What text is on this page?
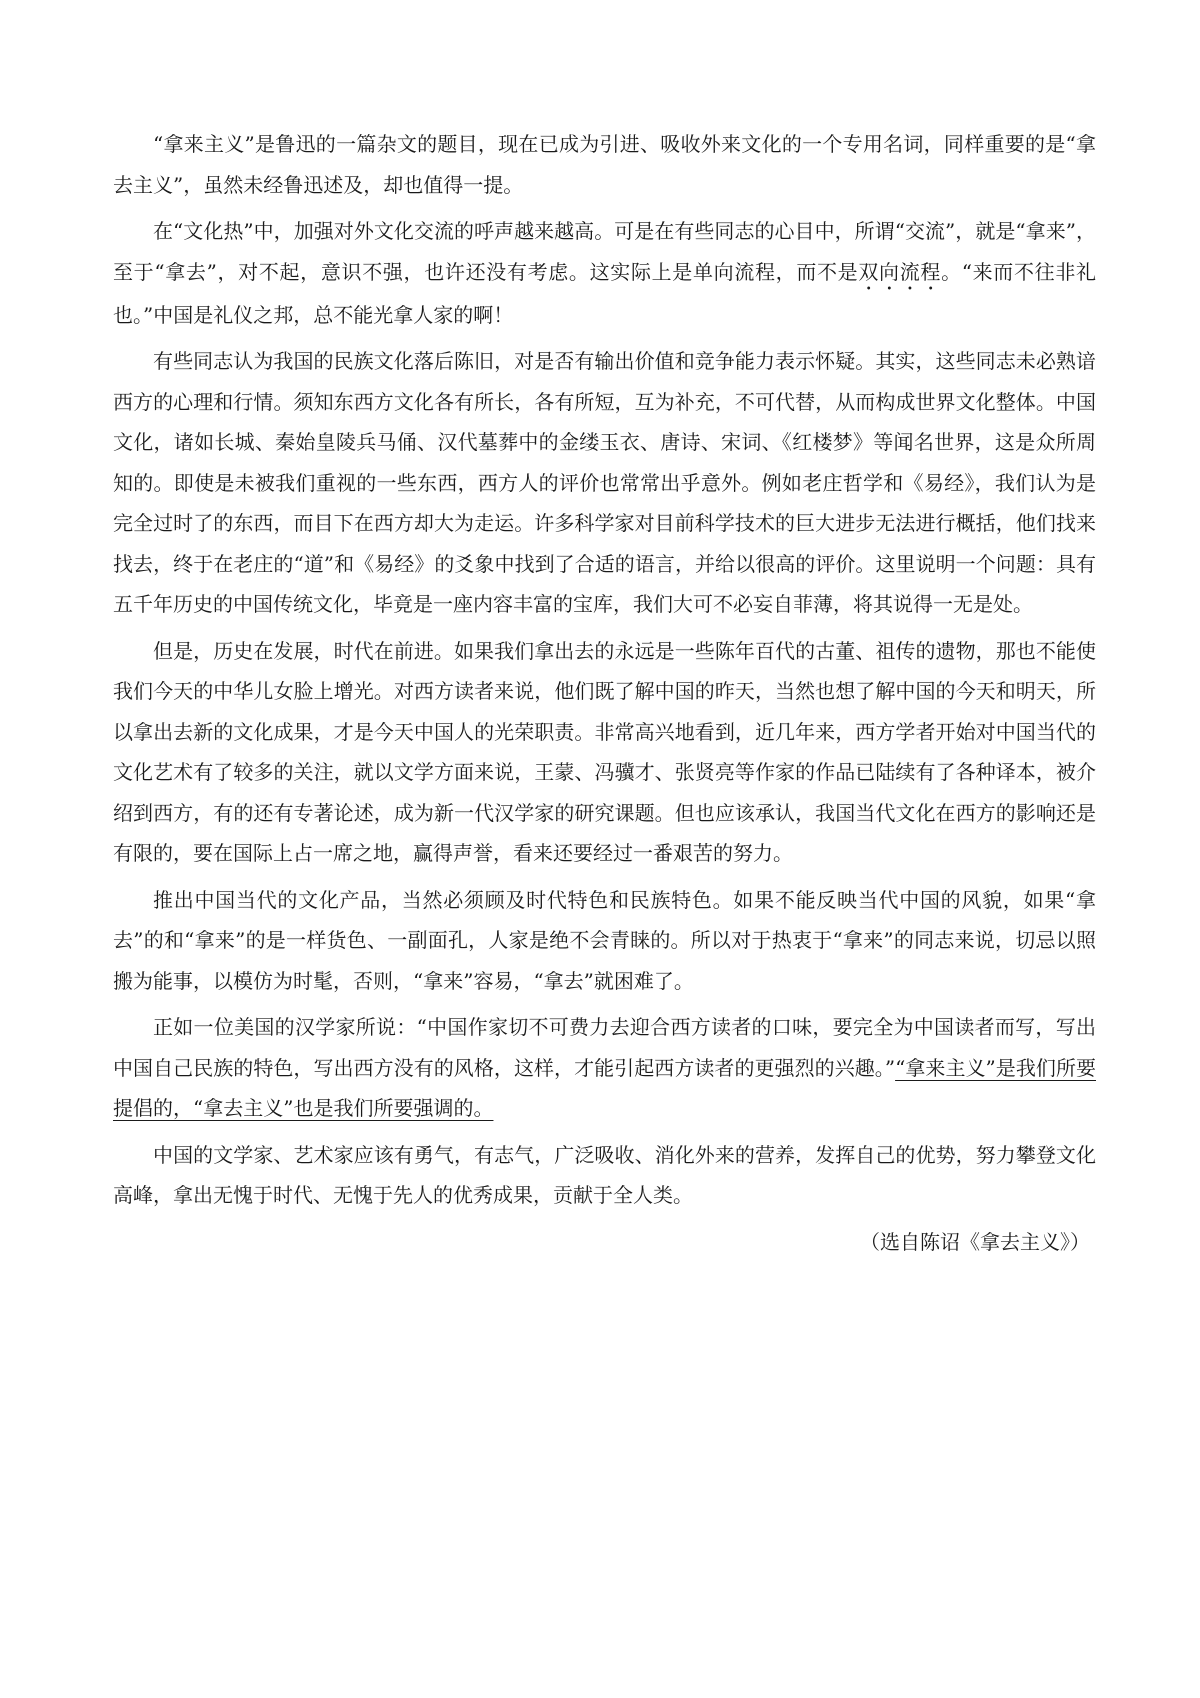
“拿来主义”是鲁迅的一篇杂文的题目，现在已成为引进、吸收外来文化的一个专用名词，同样重要的是“拿去主义”，虽然未经鲁迅述及，却也值得一提。

在“文化热”中，加强对外文化交流的呼声越来越高。可是在有些同志的心目中，所谓“交流”，就是“拿来”，至于“拿去”，对不起，意识不强，也许还没有考虑。这实际上是单向流程，而不是双向流程。“来而不往非礼也。”中国是礼仪之邦，总不能光拿人家的啊！

有些同志认为我国的民族文化落后陈旧，对是否有输出价值和竞争能力表示怀疑。其实，这些同志未必熟谙西方的心理和行情。须知东西方文化各有所长，各有所短，互为补充，不可代替，从而构成世界文化整体。中国文化，诸如长城、秦始皇陵兵马俑、汉代墓葬中的金缕玉衣、唐诗、宋词、《红楼梦》等闻名世界，这是众所周知的。即使是未被我们重视的一些东西，西方人的评价也常常出乎意外。例如老庄哲学和《易经》，我们认为是完全过时了的东西，而目下在西方却大为走运。许多科学家对目前科学技术的巨大进步无法进行概括，他们找来找去，终于在老庄的“道”和《易经》的爻象中找到了合适的语言，并给以很高的评价。这里说明一个问题：具有五千年历史的中国传统文化，毕竟是一座内容丰富的宝库，我们大可不必妄自菲薄，将其说得一无是处。

但是，历史在发展，时代在前进。如果我们拿出去的永远是一些陈年百代的古董、祖传的遗物，那也不能使我们今天的中华儿女脸上增光。对西方读者来说，他们既了解中国的昨天，当然也想了解中国的今天和明天，所以拿出去新的文化成果，才是今天中国人的光荣职责。非常高兴地看到，近几年来，西方学者开始对中国当代的文化艺术有了较多的关注，就以文学方面来说，王蒙、冯骥才、张贤亮等作家的作品已陆续有了各种译本，被介绍到西方，有的还有专著论述，成为新一代汉学家的研究课题。但也应该承认，我国当代文化在西方的影响还是有限的，要在国际上占一席之地，赢得声誉，看来还要经过一番艰苦的努力。

推出中国当代的文化产品，当然必须顾及时代特色和民族特色。如果不能反映当代中国的风貌，如果“拿去”的和“拿来”的是一样货色、一副面孔，人家是绝不会青睐的。所以对于热衷于“拿来”的同志来说，切忌以照搬为能事，以模仿为时髦，否则，“拿来”容易，“拿去”就困难了。

正如一位美国的汉学家所说：“中国作家切不可费力去迎合西方读者的口味，要完全为中国读者而写，写出中国自己民族的特色，写出西方没有的风格，这样，才能引起西方读者的更强烈的兴趣。”“拿来主义”是我们所要提倡的，“拿去主义”也是我们所要强调的。

中国的文学家、艺术家应该有勇气，有志气，广泛吸收、消化外来的营养，发挥自己的优势，努力攀登文化高峰，拿出无愧于时代、无愧于先人的优秀成果，贡献于全人类。

（选自陈诏《拿去主义》）
